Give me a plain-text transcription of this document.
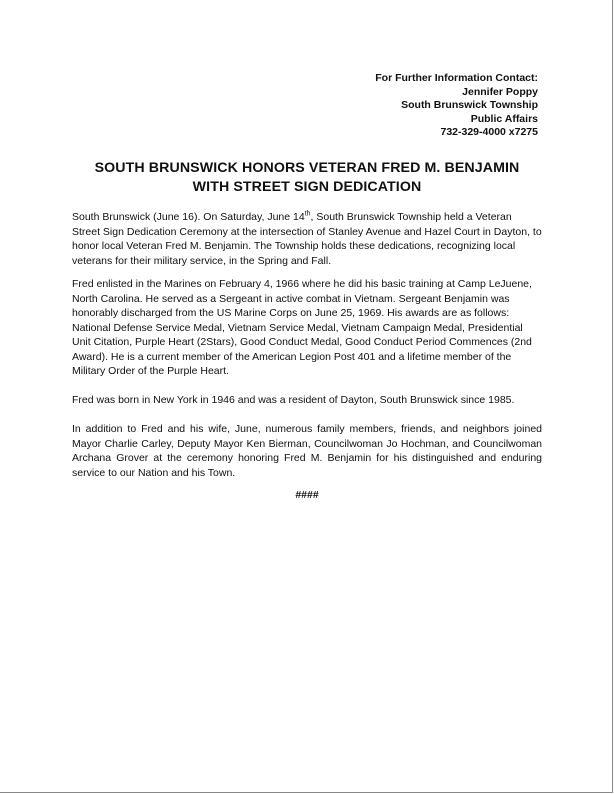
For Further Information Contact:
Jennifer Poppy
South Brunswick Township
Public Affairs
732-329-4000 x7275
SOUTH BRUNSWICK HONORS VETERAN FRED M. BENJAMIN
WITH STREET SIGN DEDICATION

South Brunswick (June 16). On Saturday, June 14th, South Brunswick Township held a Veteran Street Sign Dedication Ceremony at the intersection of Stanley Avenue and Hazel Court in Dayton, to honor local Veteran Fred M. Benjamin. The Township holds these dedications, recognizing local veterans for their military service, in the Spring and Fall.

Fred enlisted in the Marines on February 4, 1966 where he did his basic training at Camp LeJuene, North Carolina. He served as a Sergeant in active combat in Vietnam. Sergeant Benjamin was honorably discharged from the US Marine Corps on June 25, 1969. His awards are as follows: National Defense Service Medal, Vietnam Service Medal, Vietnam Campaign Medal, Presidential Unit Citation, Purple Heart (2Stars), Good Conduct Medal, Good Conduct Period Commences (2nd Award). He is a current member of the American Legion Post 401 and a lifetime member of the Military Order of the Purple Heart.

Fred was born in New York in 1946 and was a resident of Dayton, South Brunswick since 1985.

In addition to Fred and his wife, June, numerous family members, friends, and neighbors joined Mayor Charlie Carley, Deputy Mayor Ken Bierman, Councilwoman Jo Hochman, and Councilwoman Archana Grover at the ceremony honoring Fred M. Benjamin for his distinguished and enduring service to our Nation and his Town.

####
